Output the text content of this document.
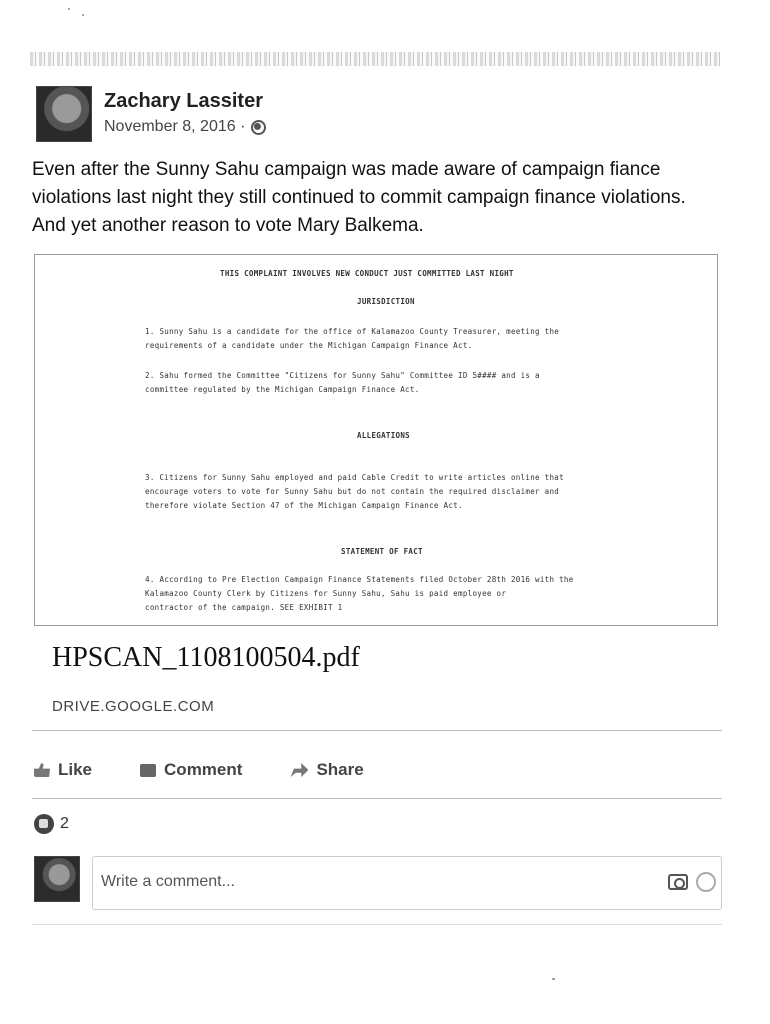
Zachary Lassiter
November 8, 2016 ·
Even after the Sunny Sahu campaign was made aware of campaign fiance violations last night they still continued to commit campaign finance violations. And yet another reason to vote Mary Balkema.
THIS COMPLAINT INVOLVES NEW CONDUCT JUST COMMITTED LAST NIGHT
JURISDICTION
1. Sunny Sahu is a candidate for the office of Kalamazoo County Treasurer, meeting the
requirements of a candidate under the Michigan Campaign Finance Act.
2. Sahu formed the Committee "Citizens for Sunny Sahu" Committee ID 5#### and is a
committee regulated by the Michigan Campaign Finance Act.
ALLEGATIONS
3. Citizens for Sunny Sahu employed and paid Cable Credit to write articles online that
encourage voters to vote for Sunny Sahu but do not contain the required disclaimer and
therefore violate Section 47 of the Michigan Campaign Finance Act.
STATEMENT OF FACT
4. According to Pre Election Campaign Finance Statements filed October 28th 2016 with the
Kalamazoo County Clerk by Citizens for Sunny Sahu, Sahu is paid employee or
contractor of the campaign. SEE EXHIBIT 1
HPSCAN_1108100504.pdf
DRIVE.GOOGLE.COM
Like	Comment	Share
2
Write a comment...
